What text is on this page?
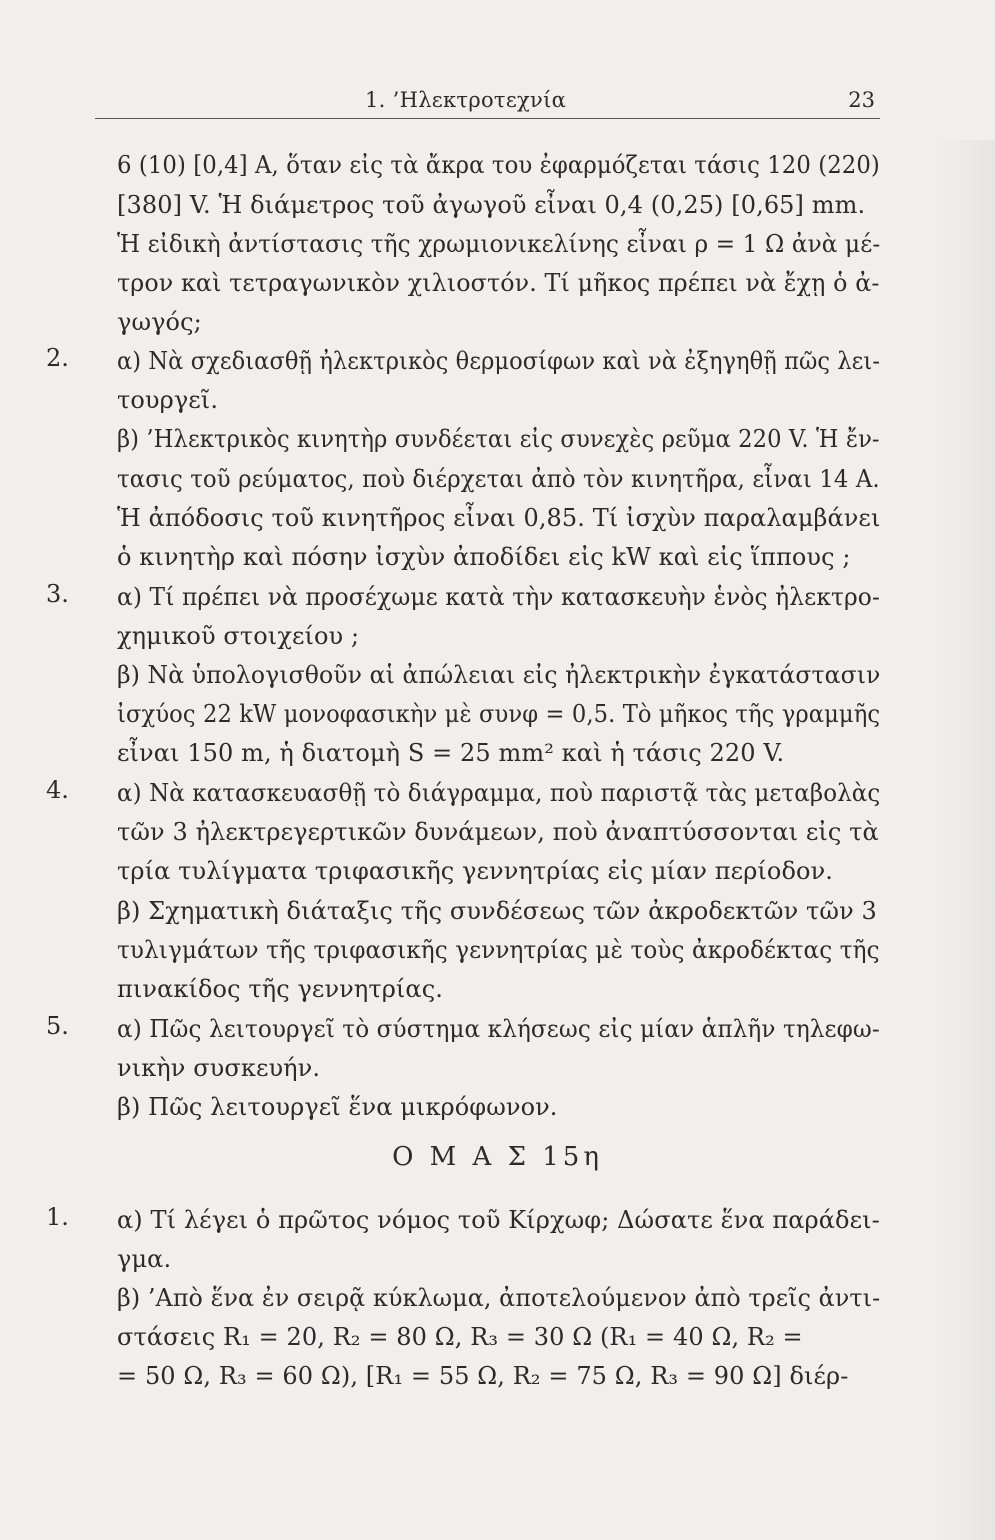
1. ’Ηλεκτροτεχνία	23
6 (10) [0,4] Α, ὅταν εἰς τὰ ἄκρα του ἐφαρμόζεται τάσις 120 (220)
[380] V. Ἡ διάμετρος τοῦ ἀγωγοῦ εἶναι 0,4 (0,25) [0,65] mm.
Ἡ εἰδικὴ ἀντίστασις τῆς χρωμιονικελίνης εἶναι ρ = 1 Ω ἀνὰ μέ-
τρον καὶ τετραγωνικὸν χιλιοστόν. Τί μῆκος πρέπει νὰ ἔχῃ ὁ ἀ-
γωγός;
2. α) Νὰ σχεδιασθῇ ἠλεκτρικὸς θερμοσίφων καὶ νὰ ἐξηγηθῇ πῶς λει-
τουργεῖ.
β) ’Ηλεκτρικὸς κινητὴρ συνδέεται εἰς συνεχὲς ρεῦμα 220 V. Ἡ ἔν-
τασις τοῦ ρεύματος, ποὺ διέρχεται ἀπὸ τὸν κινητῆρα, εἶναι 14 Α.
Ἡ ἀπόδοσις τοῦ κινητῆρος εἶναι 0,85. Τί ἰσχὺν παραλαμβάνει
ὁ κινητὴρ καὶ πόσην ἰσχὺν ἀποδίδει εἰς kW καὶ εἰς ἵππους ;
3. α) Τί πρέπει νὰ προσέχωμε κατὰ τὴν κατασκευὴν ἑνὸς ἠλεκτρο-
χημικοῦ στοιχείου ;
β) Νὰ ὑπολογισθοῦν αἱ ἀπώλειαι εἰς ἠλεκτρικὴν ἐγκατάστασιν
ἰσχύος 22 kW μονοφασικὴν μὲ συνφ = 0,5. Τὸ μῆκος τῆς γραμμῆς
εἶναι 150 m, ἡ διατομὴ S = 25 mm² καὶ ἡ τάσις 220 V.
4. α) Νὰ κατασκευασθῇ τὸ διάγραμμα, ποὺ παριστᾷ τὰς μεταβολὰς
τῶν 3 ἠλεκτρεγερτικῶν δυνάμεων, ποὺ ἀναπτύσσονται εἰς τὰ
τρία τυλίγματα τριφασικῆς γεννητρίας εἰς μίαν περίοδον.
β) Σχηματικὴ διάταξις τῆς συνδέσεως τῶν ἀκροδεκτῶν τῶν 3
τυλιγμάτων τῆς τριφασικῆς γεννητρίας μὲ τοὺς ἀκροδέκτας τῆς
πινακίδος τῆς γεννητρίας.
5. α) Πῶς λειτουργεῖ τὸ σύστημα κλήσεως εἰς μίαν ἁπλῆν τηλεφω-
νικὴν συσκευήν.
β) Πῶς λειτουργεῖ ἕνα μικρόφωνον.
Ο Μ Α Σ 15η
1. α) Τί λέγει ὁ πρῶτος νόμος τοῦ Κίρχωφ; Δώσατε ἕνα παράδει-
γμα.
β) ’Απὸ ἕνα ἐν σειρᾷ κύκλωμα, ἀποτελούμενον ἀπὸ τρεῖς ἀντι-
στάσεις R₁ = 20, R₂ = 80 Ω, R₃ = 30 Ω (R₁ = 40 Ω, R₂ =
= 50 Ω, R₃ = 60 Ω), [R₁ = 55 Ω, R₂ = 75 Ω, R₃ = 90 Ω] διέρ-
